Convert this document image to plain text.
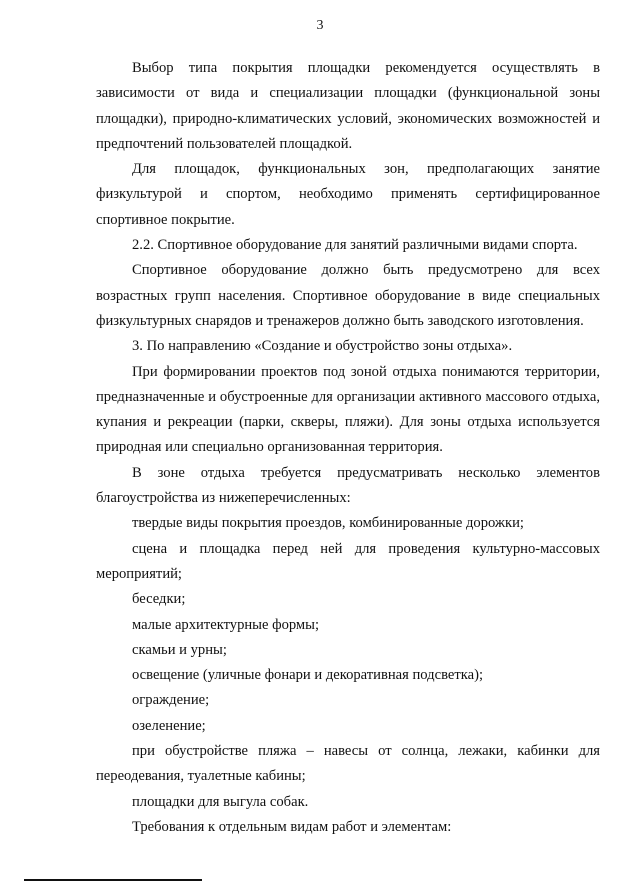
3

Выбор типа покрытия площадки рекомендуется осуществлять в зависимости от вида и специализации площадки (функциональной зоны площадки), природно-климатических условий, экономических возможностей и предпочтений пользователей площадкой.

Для площадок, функциональных зон, предполагающих занятие физкультурой и спортом, необходимо применять сертифицированное спортивное покрытие.

2.2. Спортивное оборудование для занятий различными видами спорта.

Спортивное оборудование должно быть предусмотрено для всех возрастных групп населения. Спортивное оборудование в виде специальных физкультурных снарядов и тренажеров должно быть заводского изготовления.

3. По направлению «Создание и обустройство зоны отдыха».

При формировании проектов под зоной отдыха понимаются территории, предназначенные и обустроенные для организации активного массового отдыха, купания и рекреации (парки, скверы, пляжи). Для зоны отдыха используется природная или специально организованная территория.

В зоне отдыха требуется предусматривать несколько элементов благоустройства из нижеперечисленных:

твердые виды покрытия проездов, комбинированные дорожки;

сцена и площадка перед ней для проведения культурно-массовых мероприятий;

беседки;

малые архитектурные формы;

скамьи и урны;

освещение (уличные фонари и декоративная подсветка);

ограждение;

озеленение;

при обустройстве пляжа – навесы от солнца, лежаки, кабинки для переодевания, туалетные кабины;

площадки для выгула собак.

Требования к отдельным видам работ и элементам:
